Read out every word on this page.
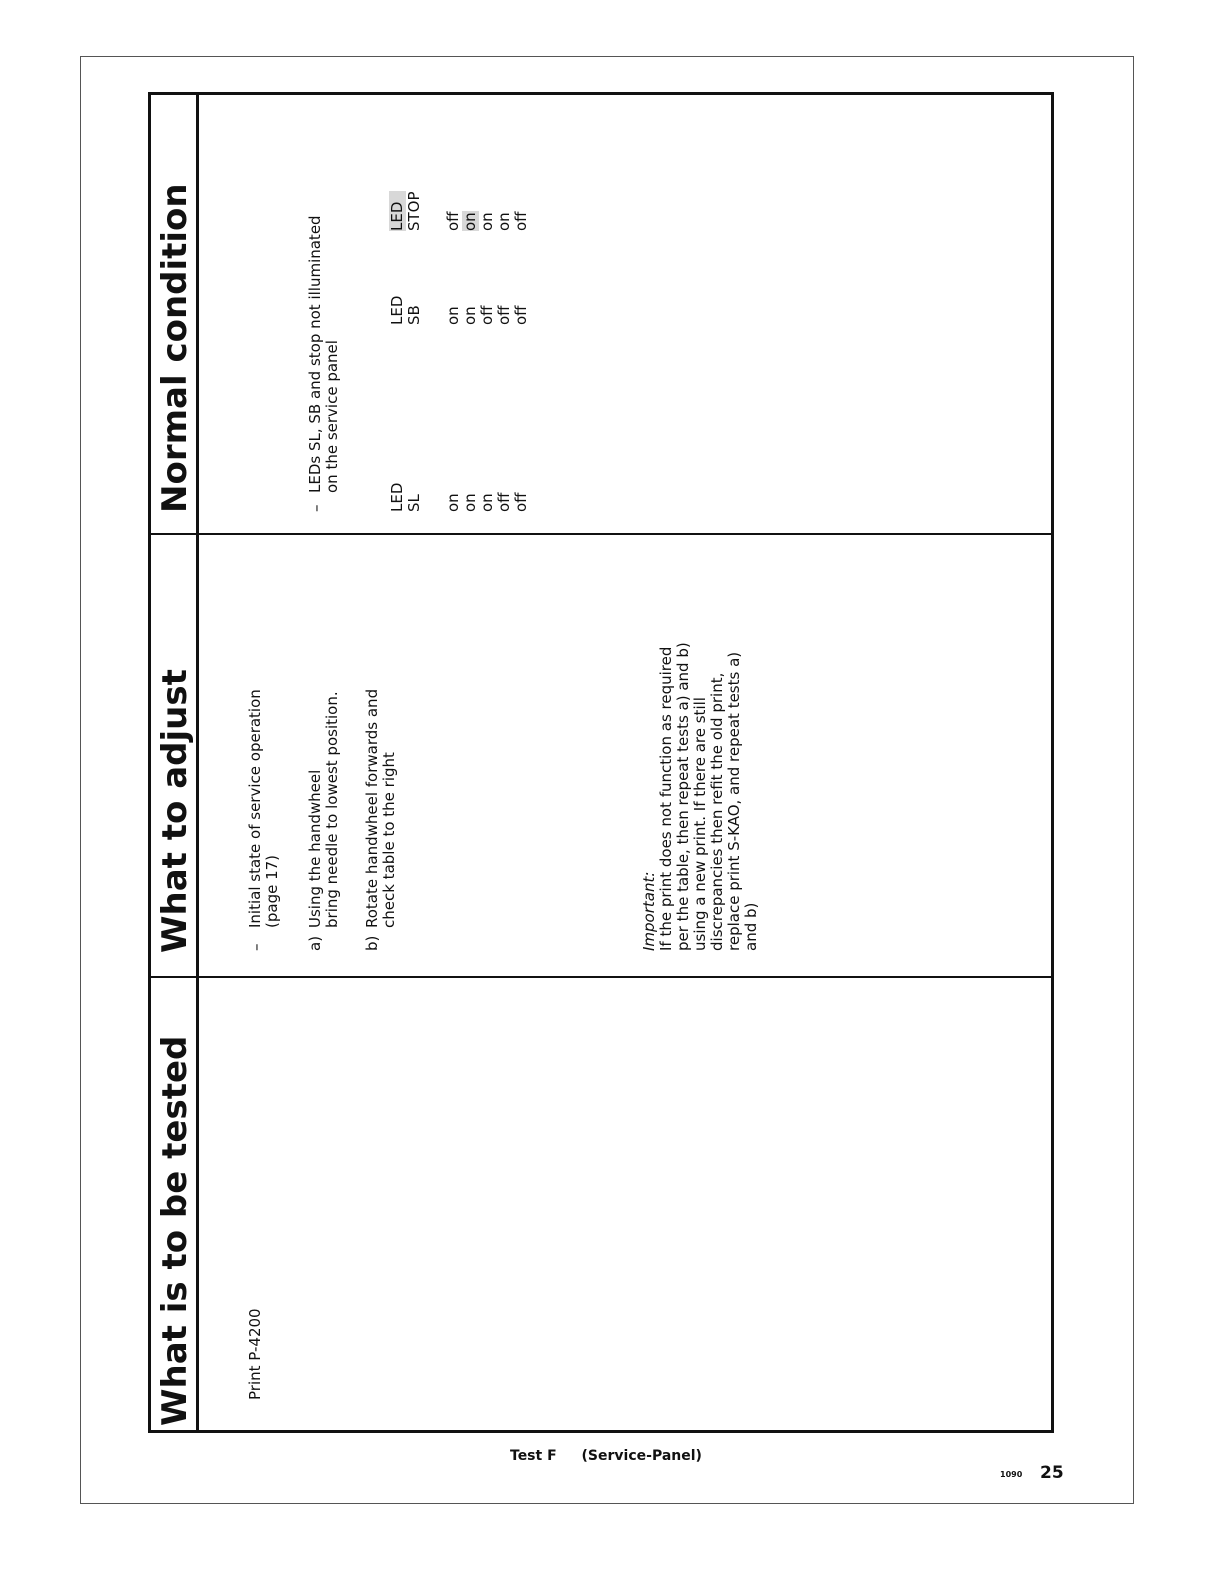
What is to be tested
What to adjust
Normal condition
Print P-4200
–
Initial state of service operation (page 17)
a)
Using the handwheel bring needle to lowest position.
b)
Rotate handwheel forwards and check table to the right	Important: If the print does not function as required per the table, then repeat tests a) and b) using a new print. If there are still discrepancies then refit the old print, replace print S-KAO, and repeat tests a) and b)
–
LEDs SL, SB and stop not illuminated on the service panel
LED SL
LED SB
LED STOP
on on on off off
on on off off off
off on on on off
Test F (Service-Panel)
1090 25
